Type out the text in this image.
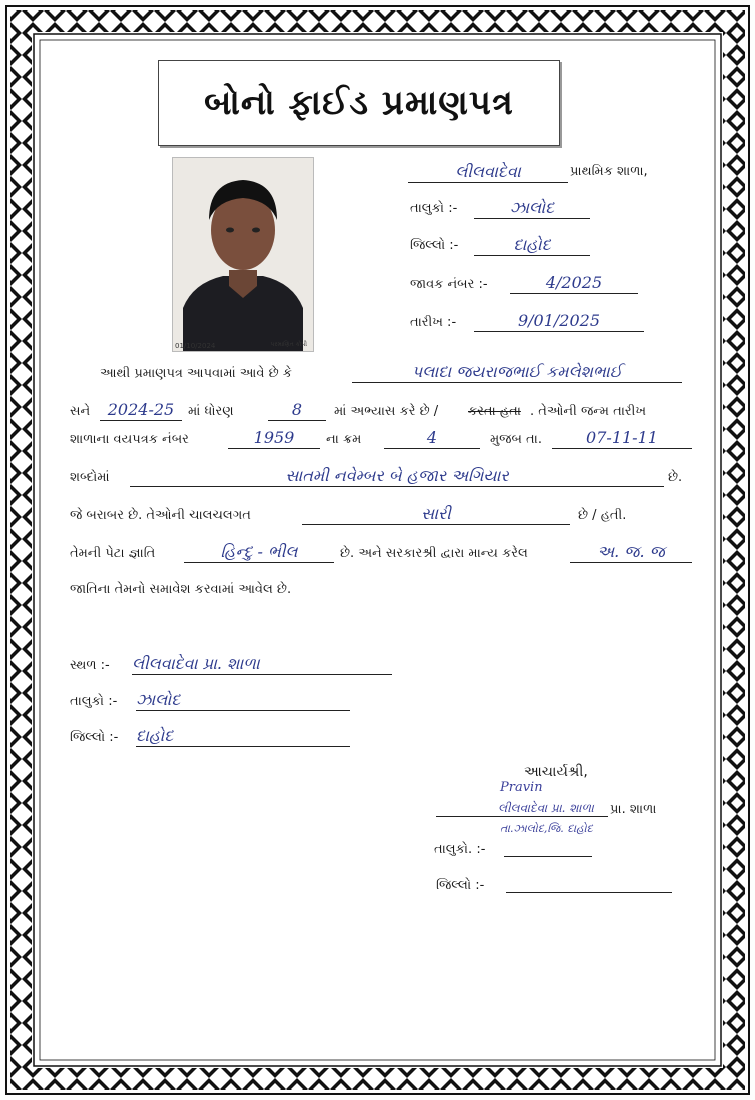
બોનો ફાઈડ પ્રમાણપત્ર
01/10/2024	પરમાણિત કોપી
લીલવાદેવા	પ્રાથમિક શાળા,
તાલુકો :-	ઝાલોદ
જિલ્લો :-	દાહોદ
જાવક નંબર :-	4/2025
તારીખ :-	9/01/2025
આથી પ્રમાણપત્ર આપવામાં આવે છે કે	પલાદા જયરાજભાઈ કમલેશભાઈ
સને	2024-25	માં ધોરણ	8	માં અભ્યાસ કરે છે / કરતા હતા . તેઓની જન્મ તારીખ
શાળાના વયપત્રક નંબર	1959	ના ક્રમ	4	મુજબ તા.	07-11-11
શબ્દોમાં	સાતમી નવેમ્બર બે હજાર અગિયાર	છે.
જે બરાબર છે. તેઓની ચાલચલગત	સારી	છે / હતી.
તેમની પેટા જ્ઞાતિ	હિન્દુ - ભીલ	છે. અને સરકારશ્રી દ્વારા માન્ય કરેલ	અ. જ. જ
જાતિના તેમનો સમાવેશ કરવામાં આવેલ છે.
સ્થળ :- લીલવાદેવા પ્રા. શાળા
તાલુકો :- ઝાલોદ
જિલ્લો :- દાહોદ
આચાર્યશ્રી,
Pravin
લીલવાદેવા પ્રા. શાળા પ્રા. શાળા
તા.ઝાલોદ,જિ. દાહોદ
તાલુકો. :-
જિલ્લો :-
